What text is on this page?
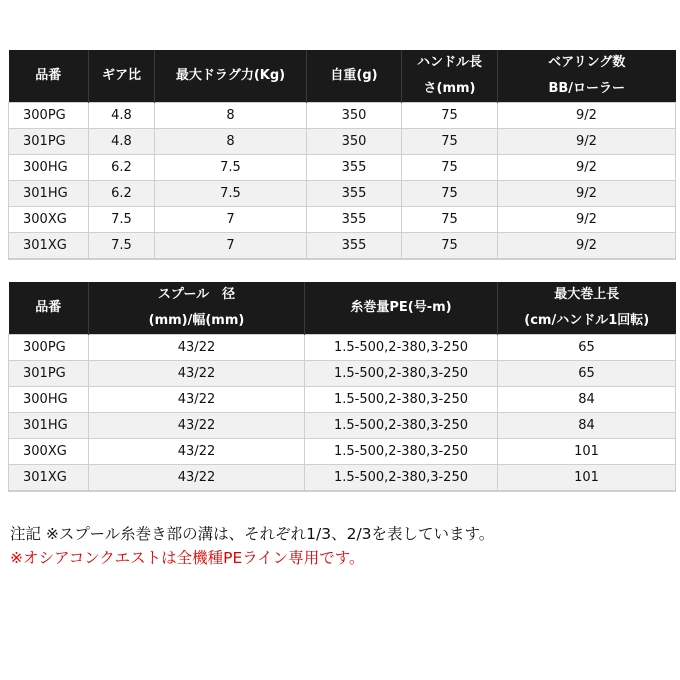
品番	ギア比	最大ドラグ力(Kg)	自重(g)	ハンドル長	ベアリング数
				さ(mm)	BB/ローラー
300PG	4.8	8	350	75	9/2
301PG	4.8	8	350	75	9/2
300HG	6.2	7.5	355	75	9/2
301HG	6.2	7.5	355	75	9/2
300XG	7.5	7	355	75	9/2
301XG	7.5	7	355	75	9/2
品番	スプール　径	糸巻量PE(号-m)	最大巻上長
	(mm)/幅(mm)		(cm/ハンドル1回転)
300PG	43/22	1.5-500,2-380,3-250	65
301PG	43/22	1.5-500,2-380,3-250	65
300HG	43/22	1.5-500,2-380,3-250	84
301HG	43/22	1.5-500,2-380,3-250	84
300XG	43/22	1.5-500,2-380,3-250	101
301XG	43/22	1.5-500,2-380,3-250	101
注記 ※スプール糸巻き部の溝は、それぞれ1/3、2/3を表しています。
※オシアコンクエストは全機種PEライン専用です。
